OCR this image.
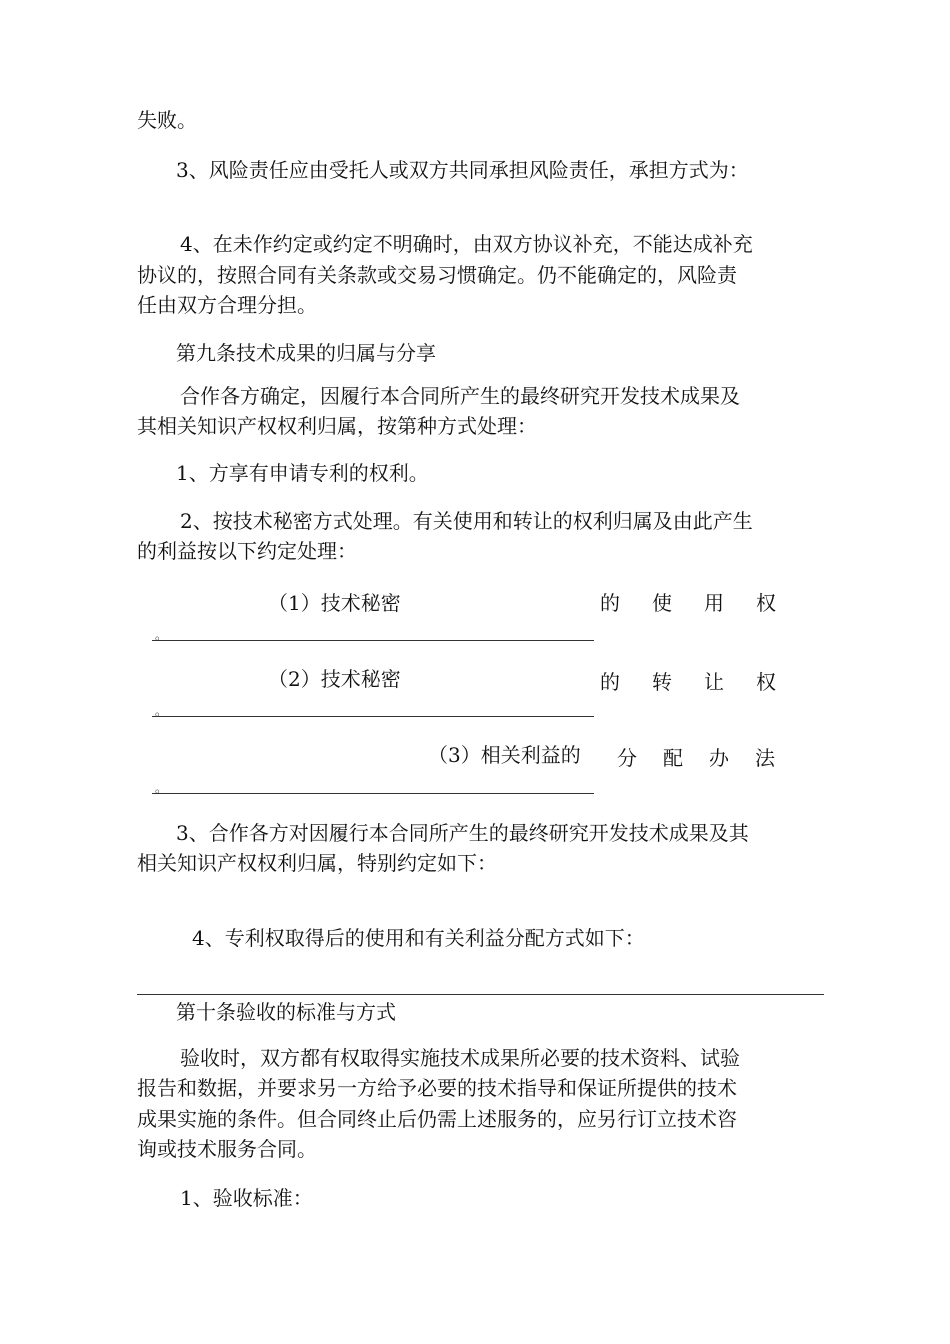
失败。
3、风险责任应由受托人或双方共同承担风险责任，承担方式为：
4、在未作约定或约定不明确时，由双方协议补充，不能达成补充
协议的，按照合同有关条款或交易习惯确定。仍不能确定的，风险责
任由双方合理分担。
第九条技术成果的归属与分享
合作各方确定，因履行本合同所产生的最终研究开发技术成果及
其相关知识产权权利归属，按第种方式处理：
1、方享有申请专利的权利。
2、按技术秘密方式处理。有关使用和转让的权利归属及由此产生
的利益按以下约定处理：
（1）技术秘密	的 使 用 权
。
（2）技术秘密	的 转 让 权
。
（3）相关利益的 分 配 办 法
。
3、合作各方对因履行本合同所产生的最终研究开发技术成果及其
相关知识产权权利归属，特别约定如下：
4、专利权取得后的使用和有关利益分配方式如下：
第十条验收的标准与方式
验收时，双方都有权取得实施技术成果所必要的技术资料、试验
报告和数据，并要求另一方给予必要的技术指导和保证所提供的技术
成果实施的条件。但合同终止后仍需上述服务的，应另行订立技术咨
询或技术服务合同。
1、验收标准：
